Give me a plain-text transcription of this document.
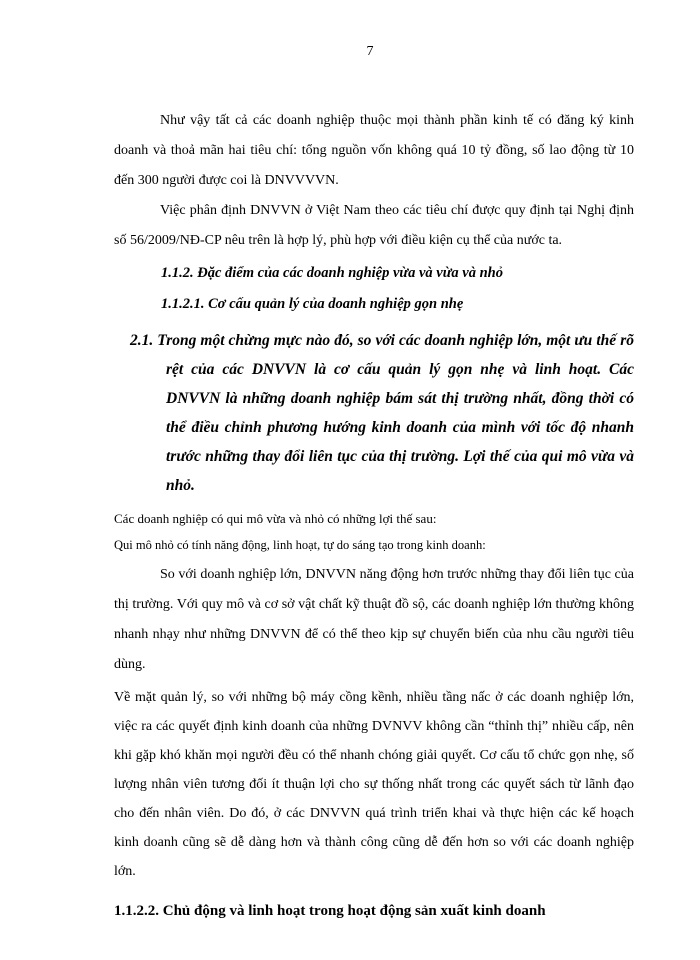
7

Như vậy tất cả các doanh nghiệp thuộc mọi thành phần kinh tế có đăng ký kinh doanh và thoả mãn hai tiêu chí: tổng nguồn vốn không quá 10 tỷ đồng, số lao động từ 10 đến 300 người được coi là DNVVVVN.

Việc phân định DNVVN ở Việt Nam theo các tiêu chí được quy định tại Nghị định số 56/2009/NĐ-CP nêu trên là hợp lý, phù hợp với điều kiện cụ thể của nước ta.

1.1.2. Đặc điểm của các doanh nghiệp vừa và vừa và nhỏ

1.1.2.1. Cơ cấu quản lý của doanh nghiệp gọn nhẹ

2.1. Trong một chừng mực nào đó, so với các doanh nghiệp lớn, một ưu thế rõ rệt của các DNVVN là cơ cấu quản lý gọn nhẹ và linh hoạt. Các DNVVN là những doanh nghiệp bám sát thị trường nhất, đồng thời có thể điều chỉnh phương hướng kinh doanh của mình với tốc độ nhanh trước những thay đổi liên tục của thị trường. Lợi thế của qui mô vừa và nhỏ.

Các doanh nghiệp có qui mô vừa và nhỏ có những lợi thế sau:

Qui mô nhỏ có tính năng động, linh hoạt, tự do sáng tạo trong kinh doanh:

So với doanh nghiệp lớn, DNVVN năng động hơn trước những thay đổi liên tục của thị trường. Với quy mô và cơ sở vật chất kỹ thuật đồ sộ, các doanh nghiệp lớn thường không nhanh nhạy như những DNVVN để có thể theo kịp sự chuyển biến của nhu cầu người tiêu dùng.

Về mặt quản lý, so với những bộ máy cồng kềnh, nhiều tầng nấc ở các doanh nghiệp lớn, việc ra các quyết định kinh doanh của những DVNVV không cần “thỉnh thị” nhiều cấp, nên khi gặp khó khăn mọi người đều có thể nhanh chóng giải quyết. Cơ cấu tổ chức gọn nhẹ, số lượng nhân viên tương đối ít thuận lợi cho sự thống nhất trong các quyết sách từ lãnh đạo cho đến nhân viên. Do đó, ở các DNVVN quá trình triển khai và thực hiện các kế hoạch kinh doanh cũng sẽ dễ dàng hơn và thành công cũng dễ đến hơn so với các doanh nghiệp lớn.

1.1.2.2. Chủ động và linh hoạt trong hoạt động sản xuất kinh doanh
